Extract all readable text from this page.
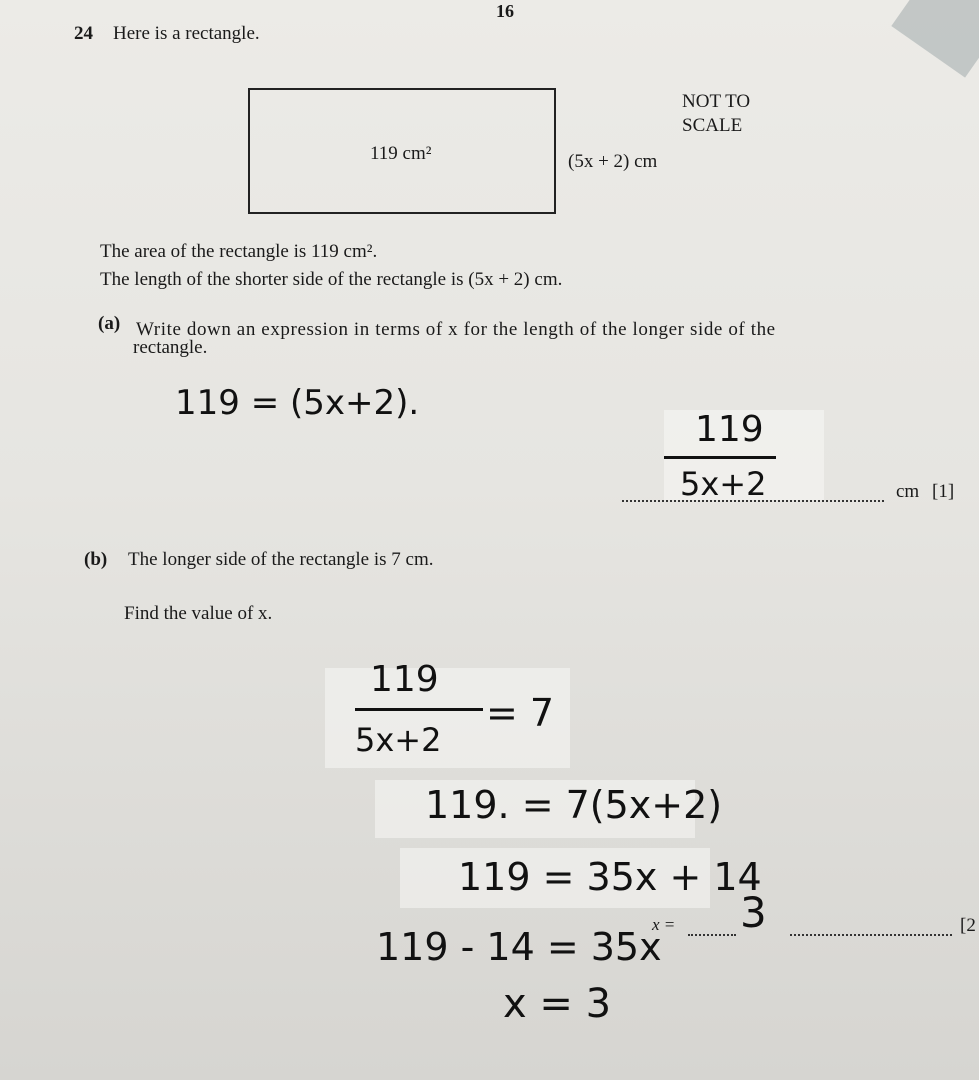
16
24 Here is a rectangle.
119 cm²	(5x + 2) cm
NOT TO
SCALE
The area of the rectangle is 119 cm².
The length of the shorter side of the rectangle is (5x + 2) cm.
(a) Write down an expression in terms of x for the length of the longer side of the
rectangle.
119 = (5x+2).
119
5x+2	cm [1]
(b) The longer side of the rectangle is 7 cm.
Find the value of x.
119
5x+2
= 7
119. = 7(5x+2)
119 = 35x + 14
119 - 14 = 35x
x = 3	[2
x = 3
